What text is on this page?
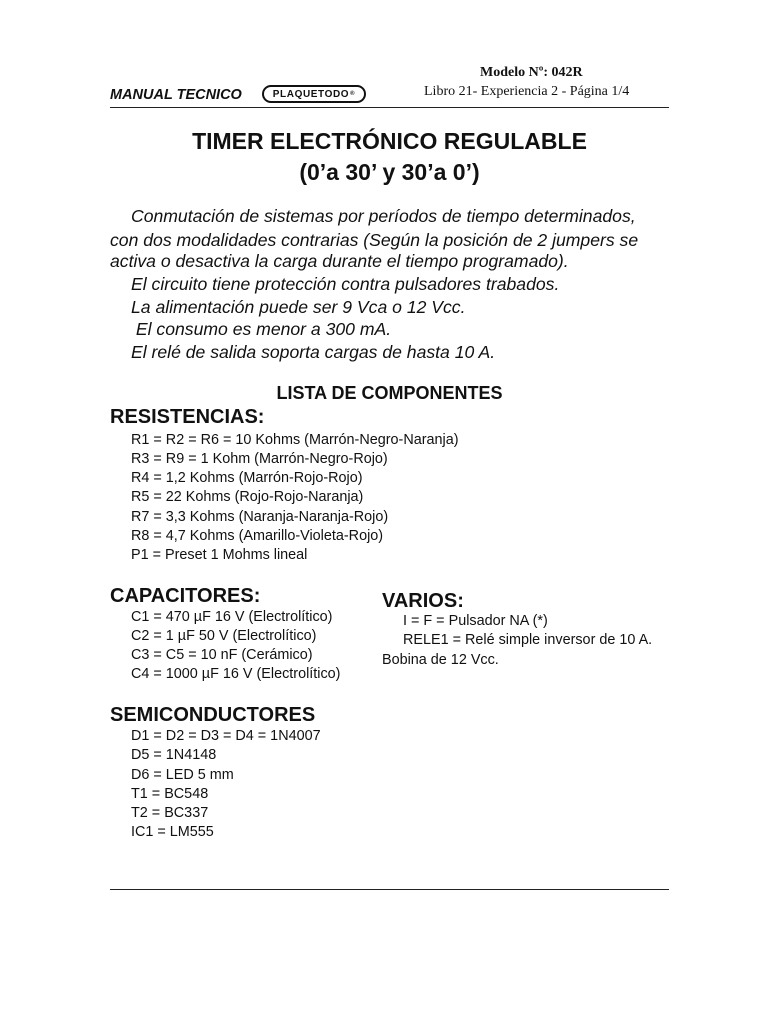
Modelo Nº: 042R
MANUAL TECNICO	PLAQUETODO ®	Libro 21- Experiencia 2 - Página 1/4
TIMER ELECTRÓNICO REGULABLE
(0’a 30’ y 30’a 0’)
Conmutación de sistemas por períodos de tiempo determinados,
con dos modalidades contrarias (Según la posición de 2 jumpers se
activa o desactiva la carga durante el tiempo programado).
El circuito tiene protección contra pulsadores trabados.
La alimentación puede ser 9 Vca o 12 Vcc.
El consumo es menor a 300 mA.
El relé de salida soporta cargas de hasta 10 A.
LISTA DE COMPONENTES
RESISTENCIAS:
R1 = R2 = R6 = 10 Kohms (Marrón-Negro-Naranja)
R3 = R9 = 1 Kohm (Marrón-Negro-Rojo)
R4 = 1,2 Kohms (Marrón-Rojo-Rojo)
R5 = 22 Kohms (Rojo-Rojo-Naranja)
R7 = 3,3 Kohms (Naranja-Naranja-Rojo)
R8 = 4,7 Kohms (Amarillo-Violeta-Rojo)
P1 = Preset 1 Mohms lineal
CAPACITORES:
C1 = 470 µF 16 V (Electrolítico)
C2 = 1 µF 50 V (Electrolítico)
C3 = C5 = 10 nF (Cerámico)
C4 = 1000 µF 16 V (Electrolítico)
VARIOS:
I = F = Pulsador NA (*)
RELE1 = Relé simple inversor de 10 A.
Bobina de 12 Vcc.
SEMICONDUCTORES
D1 = D2 = D3 = D4 = 1N4007
D5 = 1N4148
D6 = LED 5 mm
T1 = BC548
T2 = BC337
IC1 = LM555
